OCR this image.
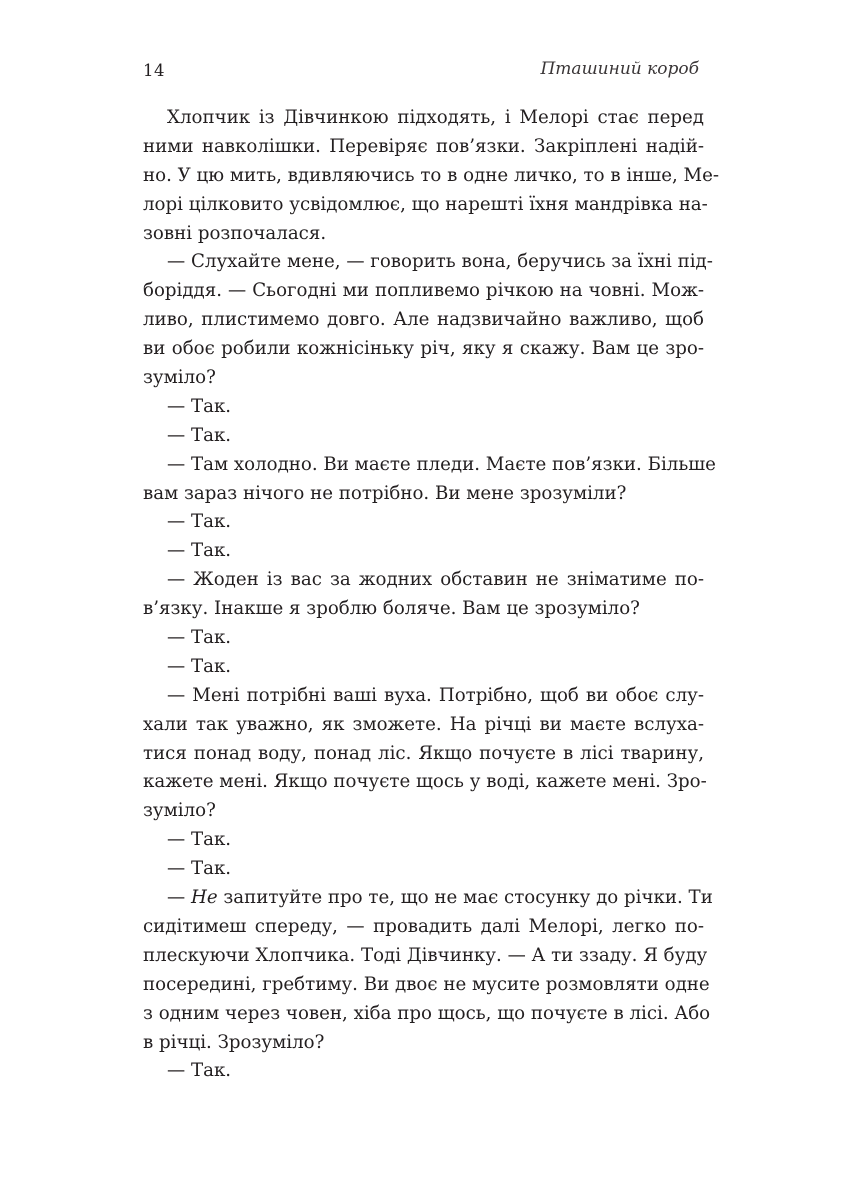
14	Пташиний короб
Хлопчик із Дівчинкою підходять, і Мелорі стає перед
ними навколішки. Перевіряє пов’язки. Закріплені надій-
но. У цю мить, вдивляючись то в одне личко, то в інше, Ме-
лорі цілковито усвідомлює, що нарешті їхня мандрівка на-
зовні розпочалася.
— Слухайте мене, — говорить вона, беручись за їхні під-
боріддя. — Сьогодні ми попливемо річкою на човні. Мож-
ливо, плистимемо довго. Але надзвичайно важливо, щоб
ви обоє робили кожнісіньку річ, яку я скажу. Вам це зро-
зуміло?
— Так.
— Так.
— Там холодно. Ви маєте пледи. Маєте пов’язки. Більше
вам зараз нічого не потрібно. Ви мене зрозуміли?
— Так.
— Так.
— Жоден із вас за жодних обставин не зніматиме по-
в’язку. Інакше я зроблю боляче. Вам це зрозуміло?
— Так.
— Так.
— Мені потрібні ваші вуха. Потрібно, щоб ви обоє слу-
хали так уважно, як зможете. На річці ви маєте вслуха-
тися понад воду, понад ліс. Якщо почуєте в лісі тварину,
кажете мені. Якщо почуєте щось у воді, кажете мені. Зро-
зуміло?
— Так.
— Так.
— Не запитуйте про те, що не має стосунку до річки. Ти
сидітимеш спереду, — провадить далі Мелорі, легко по-
плескуючи Хлопчика. Тоді Дівчинку. — А ти ззаду. Я буду
посередині, гребтиму. Ви двоє не мусите розмовляти одне
з одним через човен, хіба про щось, що почуєте в лісі. Або
в річці. Зрозуміло?
— Так.
